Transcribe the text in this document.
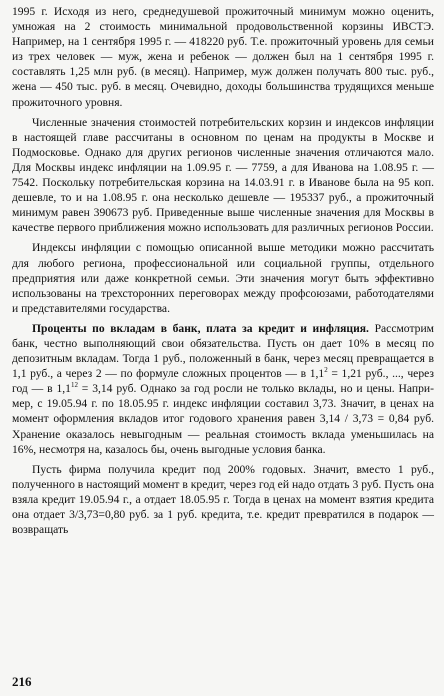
1995 г. Исходя из него, среднедушевой прожиточный минимум можно оценить, умножая на 2 стоимость минимальной продовольственной корзины ИВСТЭ. Например, на 1 сентября 1995 г. — 418220 руб. Т.е. прожиточный уровень для семьи из трех человек — муж, жена и ребенок — должен был на 1 сентября 1995 г. составлять 1,25 млн руб. (в месяц). Например, муж должен получать 800 тыс. руб., жена — 450 тыс. руб. в месяц. Очевидно, доходы большинства трудящихся меньше прожиточного уровня.

Численные значения стоимостей потребительских корзин и индексов инфляции в настоящей главе рассчитаны в основном по ценам на продукты в Москве и Подмосковье. Однако для других регионов численные значения отличаются мало. Для Москвы индекс инфляции на 1.09.95 г. — 7759, а для Иванова на 1.08.95 г. — 7542. Поскольку потребительская корзина на 14.03.91 г. в Иванове была на 95 коп. дешевле, то и на 1.08.95 г. она несколько дешевле — 195337 руб., а прожиточный минимум равен 390673 руб. Приведенные выше численные значения для Москвы в качестве первого приближения можно использовать для различных регионов России.

Индексы инфляции с помощью описанной выше методики можно рассчитать для любого региона, профессиональной или социальной группы, отдельного предприятия или даже конкретной семьи. Эти значения могут быть эффективно использованы на трехсторонних переговорах между профсоюзами, работодателями и представителями государства.

Проценты по вкладам в банк, плата за кредит и инфляция. Рассмотрим банк, честно выполняющий свои обязательства. Пусть он дает 10% в месяц по депозитным вкладам. Тогда 1 руб., положенный в банк, через месяц превращается в 1,1 руб., а через 2 — по формуле сложных процентов — в $1,1^2 = 1,21$ руб., ..., через год — в $1,1^{12} = 3,14$ руб. Однако за год росли не только вклады, но и цены. Например, с 19.05.94 г. по 18.05.95 г. индекс инфляции составил 3,73. Значит, в ценах на момент оформления вкладов итог годового хранения равен 3,14 / 3,73 = 0,84 руб. Хранение оказалось невыгодным — реальная стоимость вклада уменьшилась на 16%, несмотря на, казалось бы, очень выгодные условия банка.

Пусть фирма получила кредит под 200% годовых. Значит, вместо 1 руб., полученного в настоящий момент в кредит, через год ей надо отдать 3 руб. Пусть она взяла кредит 19.05.94 г., а отдает 18.05.95 г. Тогда в ценах на момент взятия кредита она отдает 3/3,73=0,80 руб. за 1 руб. кредита, т.е. кредит превратился в подарок — возвращать

216
